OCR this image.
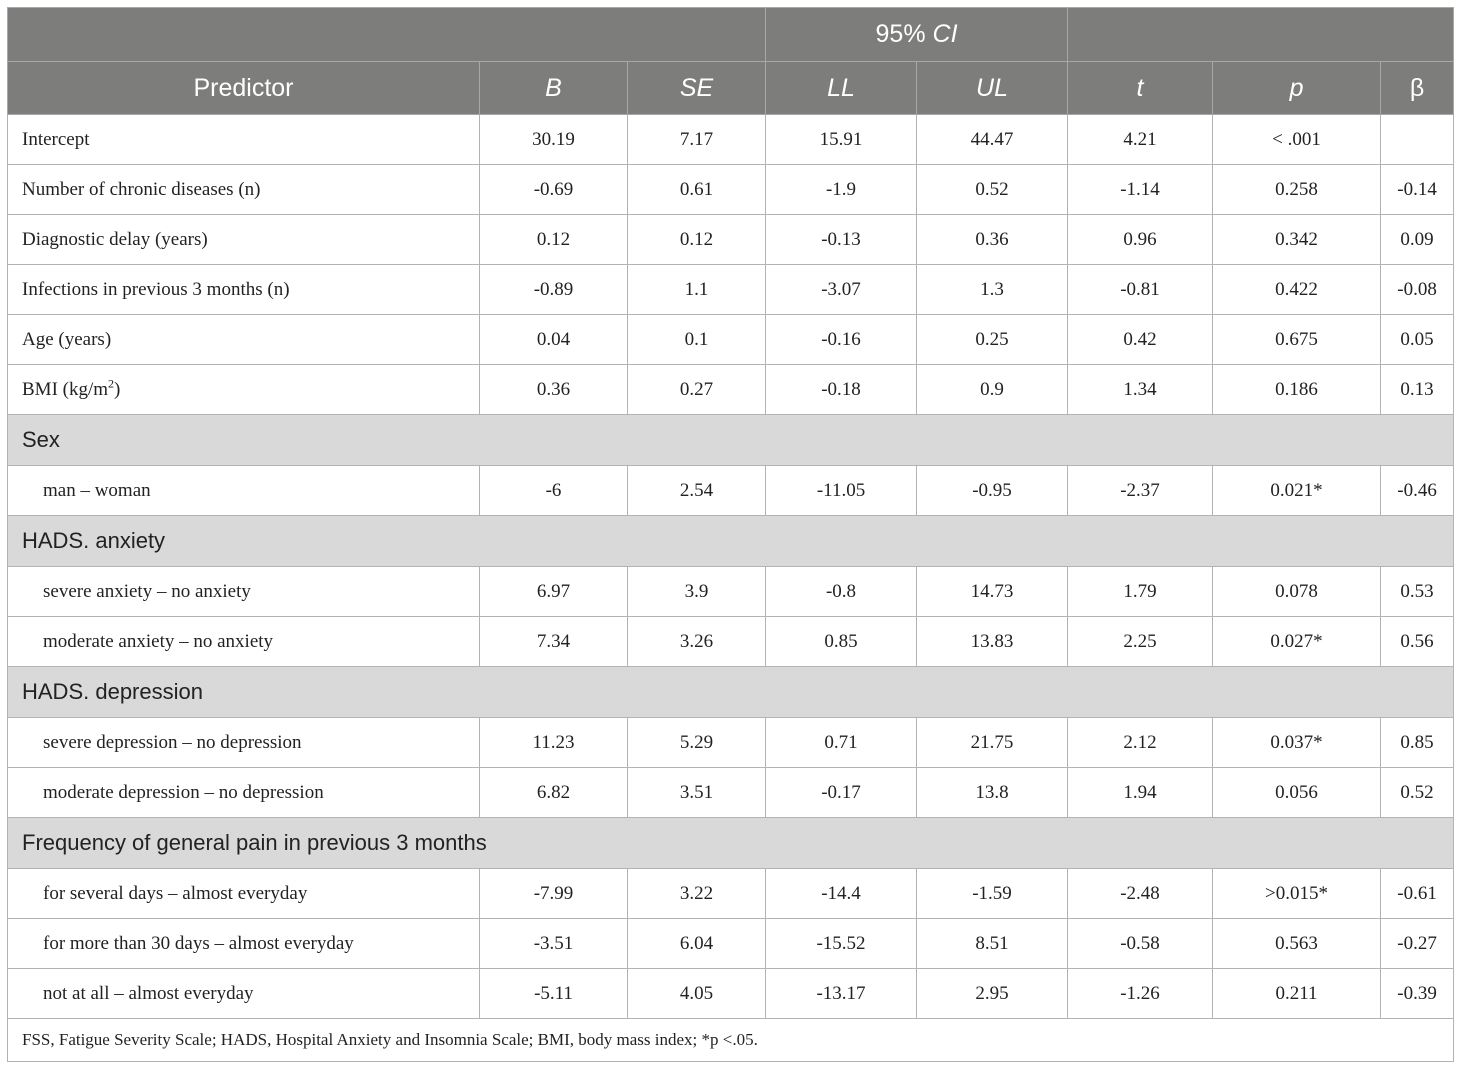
			95% CI				
Predictor	B	SE	LL	UL	t	p	β
Intercept	30.19	7.17	15.91	44.47	4.21	< .001	
Number of chronic diseases (n)	-0.69	0.61	-1.9	0.52	-1.14	0.258	-0.14
Diagnostic delay (years)	0.12	0.12	-0.13	0.36	0.96	0.342	0.09
Infections in previous 3 months (n)	-0.89	1.1	-3.07	1.3	-0.81	0.422	-0.08
Age (years)	0.04	0.1	-0.16	0.25	0.42	0.675	0.05
BMI $(kg/m^2)$	0.36	0.27	-0.18	0.9	1.34	0.186	0.13
Sex							
man – woman	-6	2.54	-11.05	-0.95	-2.37	0.021*	-0.46
HADS. anxiety							
severe anxiety – no anxiety	6.97	3.9	-0.8	14.73	1.79	0.078	0.53
moderate anxiety – no anxiety	7.34	3.26	0.85	13.83	2.25	0.027*	0.56
HADS. depression							
severe depression – no depression	11.23	5.29	0.71	21.75	2.12	0.037*	0.85
moderate depression – no depression	6.82	3.51	-0.17	13.8	1.94	0.056	0.52
Frequency of general pain in previous 3 months							
for several days – almost everyday	-7.99	3.22	-14.4	-1.59	-2.48	>0.015*	-0.61
for more than 30 days – almost everyday	-3.51	6.04	-15.52	8.51	-0.58	0.563	-0.27
not at all – almost everyday	-5.11	4.05	-13.17	2.95	-1.26	0.211	-0.39
FSS, Fatigue Severity Scale; HADS, Hospital Anxiety and Insomnia Scale; BMI, body mass index; *p <.05.							
